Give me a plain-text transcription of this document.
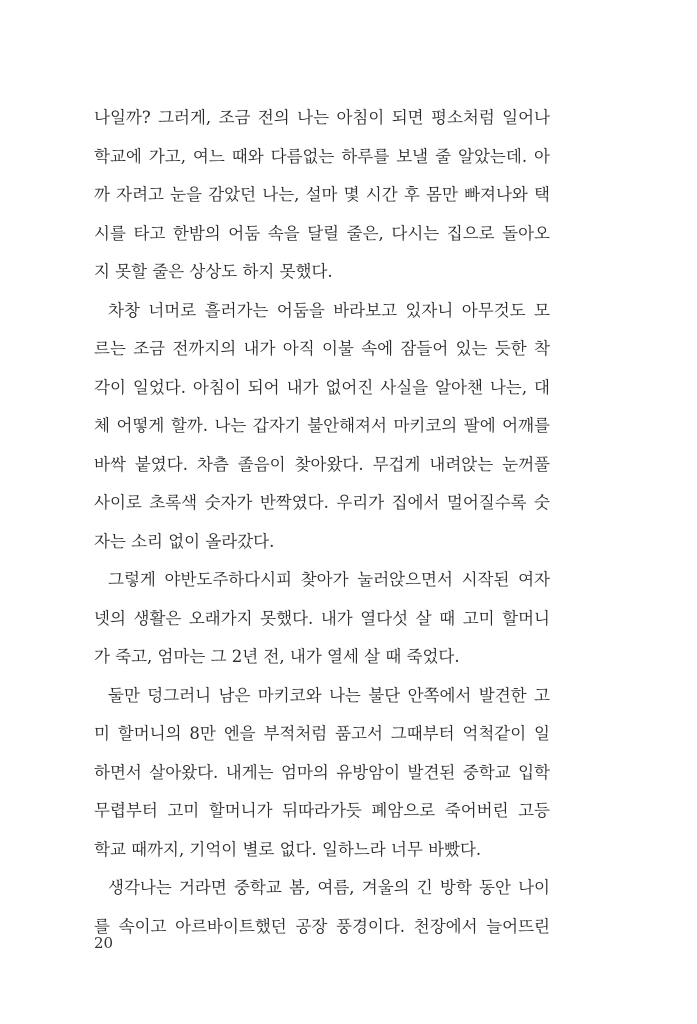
나일까? 그러게, 조금 전의 나는 아침이 되면 평소처럼 일어나
학교에 가고, 여느 때와 다름없는 하루를 보낼 줄 알았는데. 아
까 자려고 눈을 감았던 나는, 설마 몇 시간 후 몸만 빠져나와 택
시를 타고 한밤의 어둠 속을 달릴 줄은, 다시는 집으로 돌아오
지 못할 줄은 상상도 하지 못했다.
차창 너머로 흘러가는 어둠을 바라보고 있자니 아무것도 모
르는 조금 전까지의 내가 아직 이불 속에 잠들어 있는 듯한 착
각이 일었다. 아침이 되어 내가 없어진 사실을 알아챈 나는, 대
체 어떻게 할까. 나는 갑자기 불안해져서 마키코의 팔에 어깨를
바싹 붙였다. 차츰 졸음이 찾아왔다. 무겁게 내려앉는 눈꺼풀
사이로 초록색 숫자가 반짝였다. 우리가 집에서 멀어질수록 숫
자는 소리 없이 올라갔다.
그렇게 야반도주하다시피 찾아가 눌러앉으면서 시작된 여자
넷의 생활은 오래가지 못했다. 내가 열다섯 살 때 고미 할머니
가 죽고, 엄마는 그 2년 전, 내가 열세 살 때 죽었다.
둘만 덩그러니 남은 마키코와 나는 불단 안쪽에서 발견한 고
미 할머니의 8만 엔을 부적처럼 품고서 그때부터 억척같이 일
하면서 살아왔다. 내게는 엄마의 유방암이 발견된 중학교 입학
무렵부터 고미 할머니가 뒤따라가듯 폐암으로 죽어버린 고등
학교 때까지, 기억이 별로 없다. 일하느라 너무 바빴다.
생각나는 거라면 중학교 봄, 여름, 겨울의 긴 방학 동안 나이
를 속이고 아르바이트했던 공장 풍경이다. 천장에서 늘어뜨린
20
